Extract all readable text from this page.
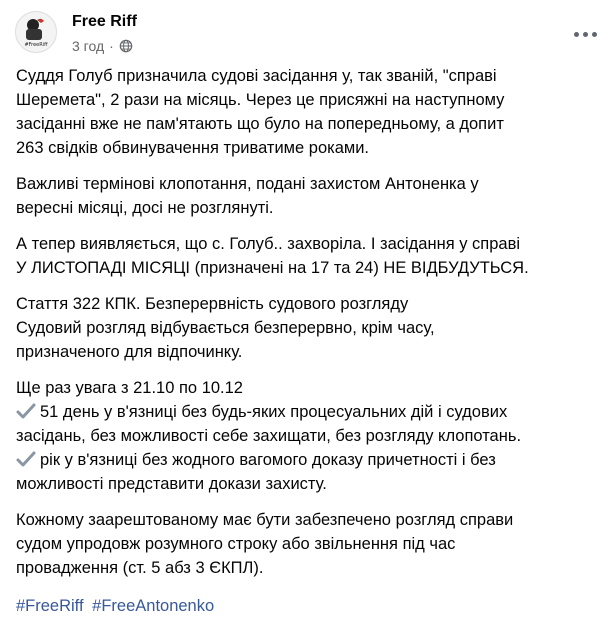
#FreeRiff
Free Riff
3 год ·
Суддя Голуб призначила судові засідання у, так званій, "справі
Шеремета", 2 рази на місяць. Через це присяжні на наступному
засіданні вже не пам'ятають що було на попередньому, а допит
263 свідків обвинувачення триватиме роками.
Важливі термінові клопотання, подані захистом Антоненка у
вересні місяці, досі не розглянуті.
А тепер виявляється, що с. Голуб.. захворіла. І засідання у справі
У ЛИСТОПАДІ МІСЯЦІ (призначені на 17 та 24) НЕ ВІДБУДУТЬСЯ.
Стаття 322 КПК. Безперервність судового розгляду
Судовий розгляд відбувається безперервно, крім часу,
призначеного для відпочинку.
Ще раз увага з 21.10 по 10.12
51 день у в'язниці без будь-яких процесуальних дій і судових
засідань, без можливості себе захищати, без розгляду клопотань.
рік у в'язниці без жодного вагомого доказу причетності і без
можливості представити докази захисту.
Кожному заарештованому має бути забезпечено розгляд справи
судом упродовж розумного строку або звільнення під час
провадження (ст. 5 абз 3 ЄКПЛ).
#FreeRiff #FreeAntonenko
